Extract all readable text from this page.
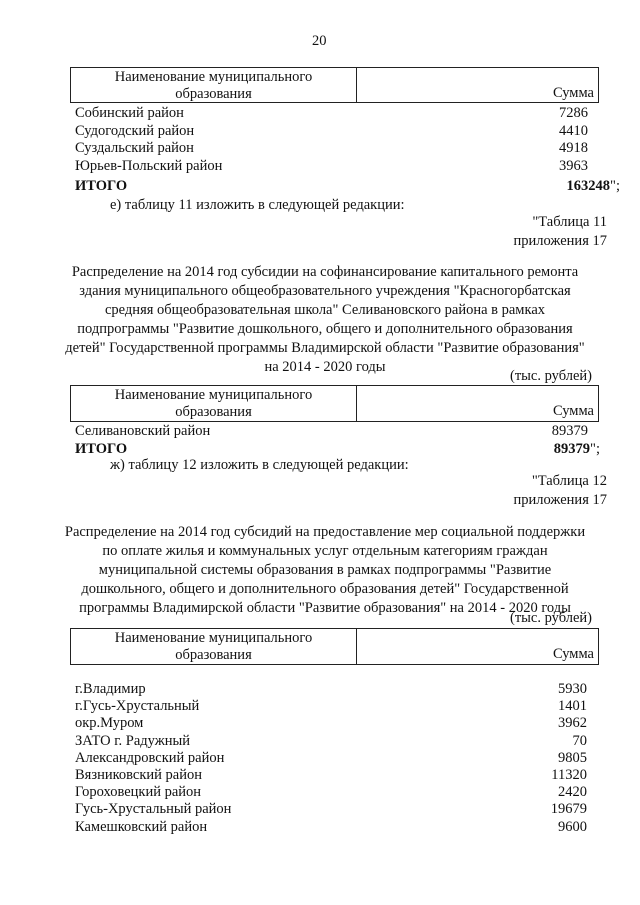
20
Наименование муниципального образования	Сумма
Собинский район	7286
Судогодский район	4410
Суздальский район	4918
Юрьев-Польский район	3963
ИТОГО	163248";
е) таблицу 11 изложить в следующей редакции:
"Таблица 11
приложения 17
Распределение на 2014 год субсидии на софинансирование капитального ремонта здания муниципального общеобразовательного учреждения "Красногорбатская средняя общеобразовательная школа" Селивановского района в рамках подпрограммы "Развитие дошкольного, общего и дополнительного образования детей" Государственной программы Владимирской области "Развитие образования" на 2014 - 2020 годы
(тыс. рублей)
Наименование муниципального образования	Сумма
Селивановский район	89379
ИТОГО	89379";
ж) таблицу 12 изложить в следующей редакции:
"Таблица 12
приложения 17
Распределение на 2014 год субсидий на предоставление мер социальной поддержки по оплате жилья и коммунальных услуг отдельным категориям граждан муниципальной системы образования в рамках подпрограммы "Развитие дошкольного, общего и дополнительного образования детей" Государственной программы Владимирской области "Развитие образования" на 2014 - 2020 годы
(тыс. рублей)
Наименование муниципального образования	Сумма
г.Владимир	5930
г.Гусь-Хрустальный	1401
окр.Муром	3962
ЗАТО г. Радужный	70
Александровский район	9805
Вязниковский район	11320
Гороховецкий район	2420
Гусь-Хрустальный район	19679
Камешковский район	9600
